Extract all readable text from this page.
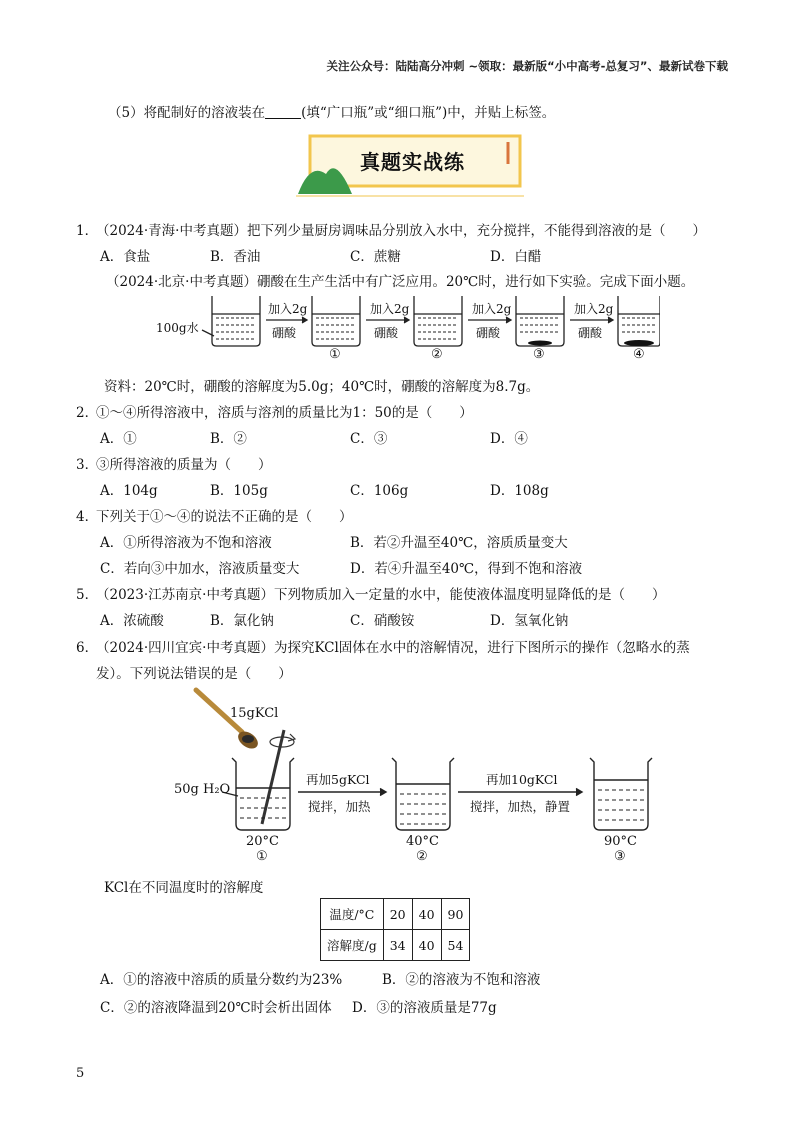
关注公众号：陆陆高分冲刺 ~领取：最新版“小中高考-总复习”、最新试卷下载
（5）将配制好的溶液装在	(填“广口瓶”或“细口瓶”)中，并贴上标签。
真题实战练
1．
（2024·青海·中考真题）把下列少量厨房调味品分别放入水中，充分搅拌，不能得到溶液的是（　　）
A．食盐	B．香油	C．蔗糖	D．白醋
（2024·北京·中考真题）硼酸在生产生活中有广泛应用。20℃时，进行如下实验。完成下面小题。
100g水
加入2g
硼酸
加入2g
硼酸
加入2g
硼酸
加入2g
硼酸
①	②	③	④
资料：20℃时，硼酸的溶解度为5.0g；40℃时，硼酸的溶解度为8.7g。
2．
①～④所得溶液中，溶质与溶剂的质量比为1：50的是（　　）
A．①	B．②	C．③	D．④
3．
③所得溶液的质量为（　　）
A．104g	B．105g	C．106g	D．108g
4．
下列关于①～④的说法不正确的是（　　）
A．①所得溶液为不饱和溶液	B．若②升温至40℃，溶质质量变大
C．若向③中加水，溶液质量变大	D．若④升温至40℃，得到不饱和溶液
5．
（2023·江苏南京·中考真题）下列物质加入一定量的水中，能使液体温度明显降低的是（　　）
A．浓硫酸	B．氯化钠	C．硝酸铵	D．氢氧化钠
6．
（2024·四川宜宾·中考真题）为探究KCl固体在水中的溶解情况，进行下图所示的操作（忽略水的蒸
发）。下列说法错误的是（　　）
15gKCl
50g H₂O
再加5gKCl
搅拌，加热
再加10gKCl
搅拌，加热，静置
20°C	40°C	90°C
①	②	③
KCl在不同温度时的溶解度
温度/°C	20	40	90
溶解度/g	34	40	54
A．①的溶液中溶质的质量分数约为23%	B．②的溶液为不饱和溶液
C．②的溶液降温到20℃时会析出固体 D．③的溶液质量是77g
5
